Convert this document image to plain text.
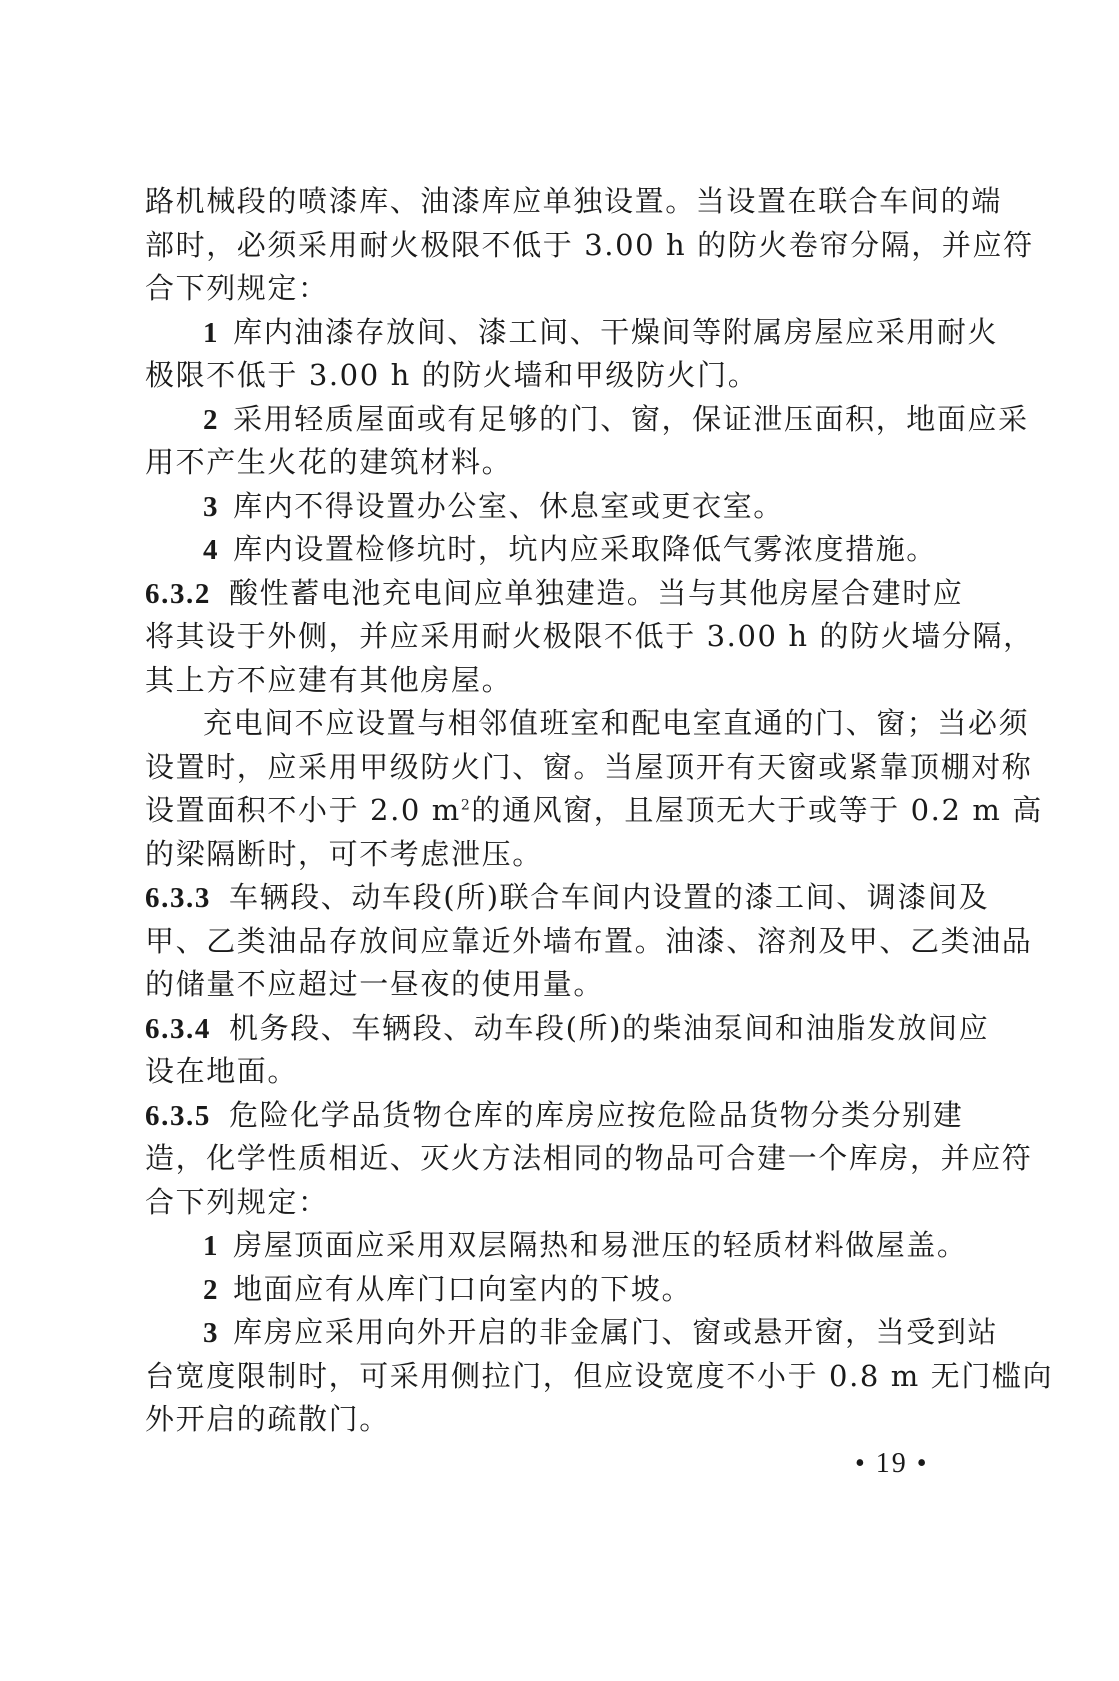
路机械段的喷漆库、油漆库应单独设置。当设置在联合车间的端
部时，必须采用耐火极限不低于 3.00 h 的防火卷帘分隔，并应符
合下列规定：
1 库内油漆存放间、漆工间、干燥间等附属房屋应采用耐火
极限不低于 3.00 h 的防火墙和甲级防火门。
2 采用轻质屋面或有足够的门、窗，保证泄压面积，地面应采
用不产生火花的建筑材料。
3 库内不得设置办公室、休息室或更衣室。
4 库内设置检修坑时，坑内应采取降低气雾浓度措施。
6.3.2 酸性蓄电池充电间应单独建造。当与其他房屋合建时应
将其设于外侧，并应采用耐火极限不低于 3.00 h 的防火墙分隔，
其上方不应建有其他房屋。
充电间不应设置与相邻值班室和配电室直通的门、窗；当必须
设置时，应采用甲级防火门、窗。当屋顶开有天窗或紧靠顶棚对称
设置面积不小于 2.0 $m^2$的通风窗，且屋顶无大于或等于 0.2 m 高
的梁隔断时，可不考虑泄压。
6.3.3 车辆段、动车段(所)联合车间内设置的漆工间、调漆间及
甲、乙类油品存放间应靠近外墙布置。油漆、溶剂及甲、乙类油品
的储量不应超过一昼夜的使用量。
6.3.4 机务段、车辆段、动车段(所)的柴油泵间和油脂发放间应
设在地面。
6.3.5 危险化学品货物仓库的库房应按危险品货物分类分别建
造，化学性质相近、灭火方法相同的物品可合建一个库房，并应符
合下列规定：
1 房屋顶面应采用双层隔热和易泄压的轻质材料做屋盖。
2 地面应有从库门口向室内的下坡。
3 库房应采用向外开启的非金属门、窗或悬开窗，当受到站
台宽度限制时，可采用侧拉门，但应设宽度不小于 0.8 m 无门槛向
外开启的疏散门。
• 19 •
